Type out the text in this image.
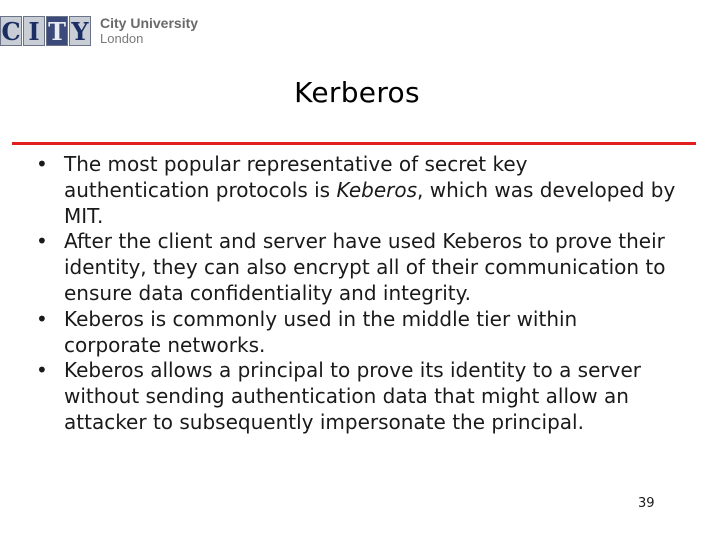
C I T Y City University
London
Kerberos
• The most popular representative of secret key authentication protocols is Keberos, which was developed by MIT.
• After the client and server have used Keberos to prove their identity, they can also encrypt all of their communication to ensure data confidentiality and integrity.
• Keberos is commonly used in the middle tier within corporate networks.
• Keberos allows a principal to prove its identity to a server without sending authentication data that might allow an attacker to subsequently impersonate the principal.
39
